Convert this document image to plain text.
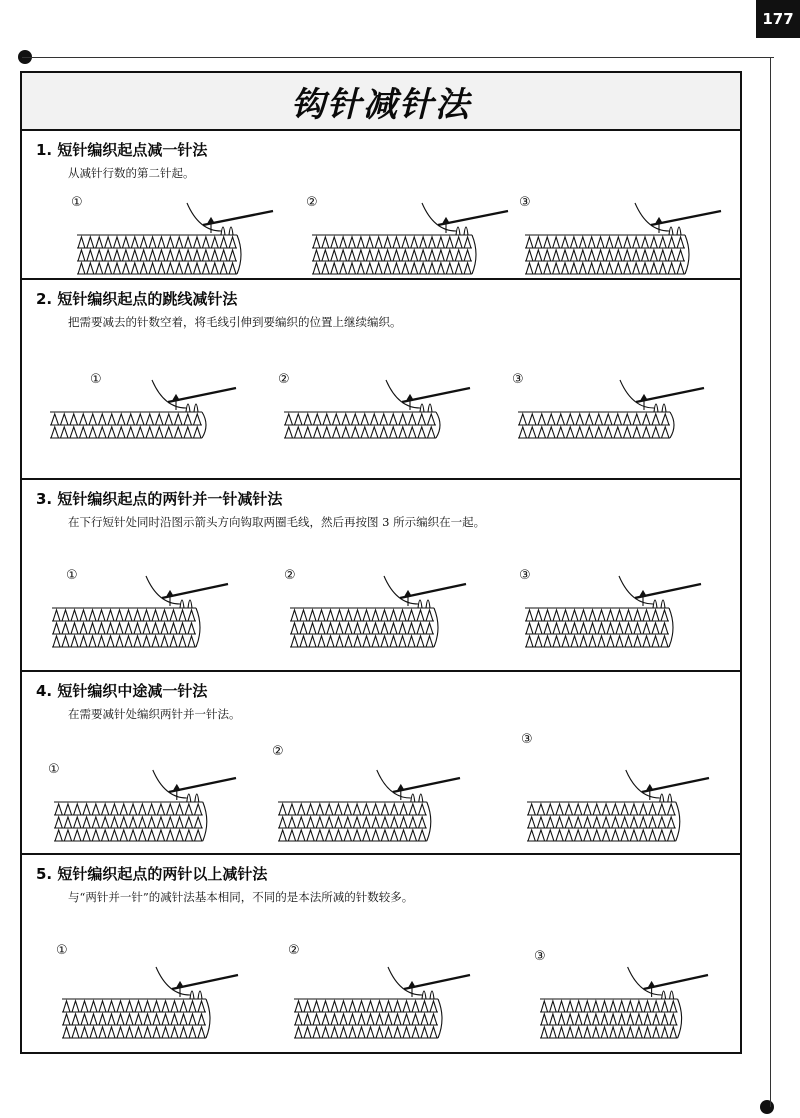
177
钩针减针法
1. 短针编织起点减一针法
从减针行数的第二针起。
①	②	③
2. 短针编织起点的跳线减针法
把需要减去的针数空着，将毛线引伸到要编织的位置上继续编织。
①	②	③
3. 短针编织起点的两针并一针减针法
在下行短针处同时沿图示箭头方向钩取两圈毛线，然后再按图 3 所示编织在一起。
①	②	③
4. 短针编织中途减一针法
在需要减针处编织两针并一针法。
①
②
③
5. 短针编织起点的两针以上减针法
与“两针并一针”的减针法基本相同，不同的是本法所减的针数较多。
①	②	③
